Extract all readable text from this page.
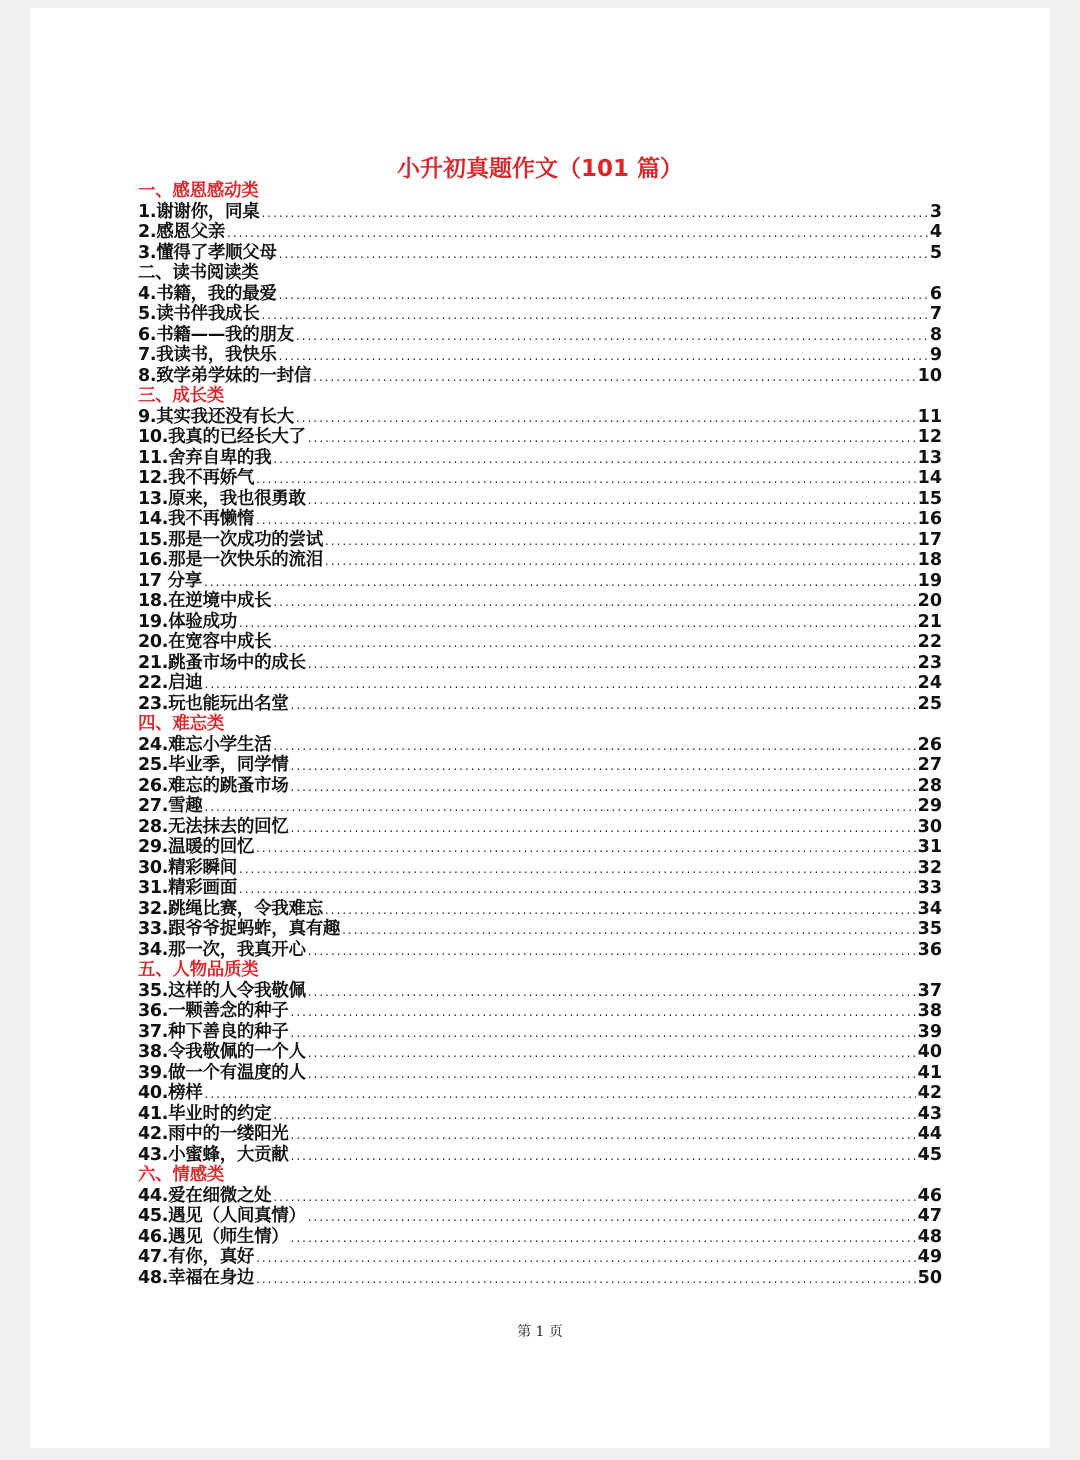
小升初真题作文（101 篇）
一、感恩感动类
1.谢谢你，同桌 .....	3
2.感恩父亲 .....	4
3.懂得了孝顺父母 .....	5
二、读书阅读类
4.书籍，我的最爱 .....	6
5.读书伴我成长 .....	7
6.书籍——我的朋友 .....	8
7.我读书，我快乐 .....	9
8.致学弟学妹的一封信 .....	10
三、成长类
9.其实我还没有长大 .....	11
10.我真的已经长大了 .....	12
11.舍弃自卑的我 .....	13
12.我不再娇气 .....	14
13.原来，我也很勇敢 .....	15
14.我不再懒惰 .....	16
15.那是一次成功的尝试 .....	17
16.那是一次快乐的流泪 .....	18
17 分享 .....	19
18.在逆境中成长 .....	20
19.体验成功 .....	21
20.在宽容中成长 .....	22
21.跳蚤市场中的成长 .....	23
22.启迪 .....	24
23.玩也能玩出名堂 .....	25
四、难忘类
24.难忘小学生活 .....	26
25.毕业季，同学情 .....	27
26.难忘的跳蚤市场 .....	28
27.雪趣 .....	29
28.无法抹去的回忆 .....	30
29.温暖的回忆 .....	31
30.精彩瞬间 .....	32
31.精彩画面 .....	33
32.跳绳比赛，令我难忘 .....	34
33.跟爷爷捉蚂蚱，真有趣 .....	35
34.那一次，我真开心 .....	36
五、人物品质类
35.这样的人令我敬佩 .....	37
36.一颗善念的种子 .....	38
37.种下善良的种子 .....	39
38.令我敬佩的一个人 .....	40
39.做一个有温度的人 .....	41
40.榜样 .....	42
41.毕业时的约定 .....	43
42.雨中的一缕阳光 .....	44
43.小蜜蜂，大贡献 .....	45
六、情感类
44.爱在细微之处 .....	46
45.遇见（人间真情） .....	47
46.遇见（师生情） .....	48
47.有你，真好 .....	49
48.幸福在身边 .....	50
第 1 页
